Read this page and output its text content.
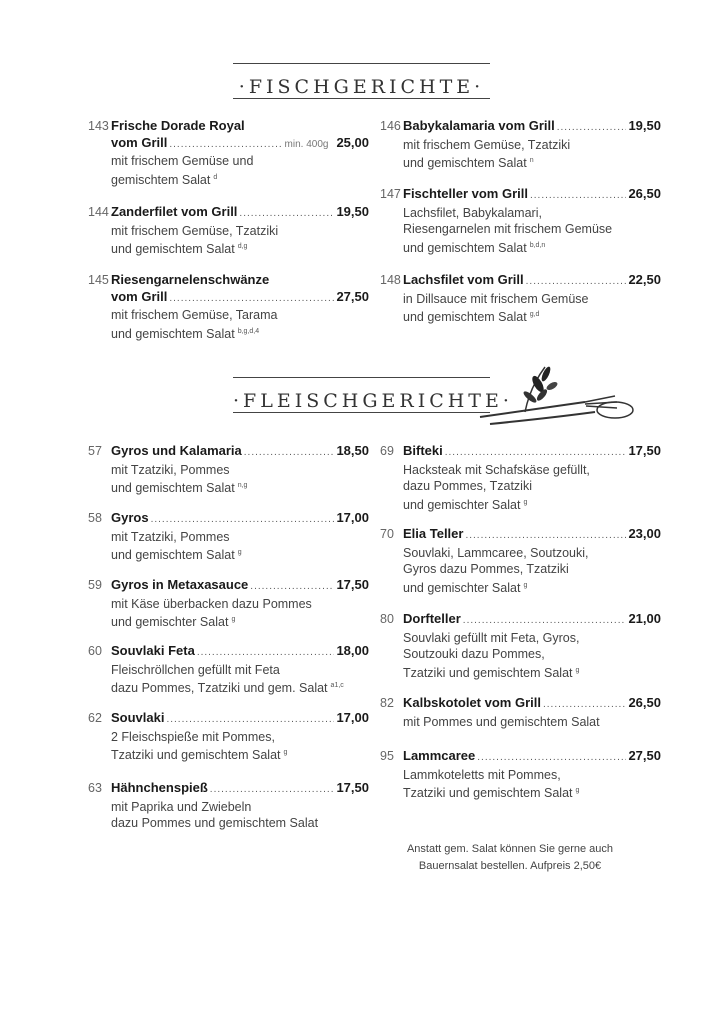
·FISCHGERICHTE·
·FLEISCHGERICHTE·
143 Frische Dorade Royal
vom Grill .....	min. 400g 25,00
mit frischem Gemüse und
gemischtem Salat $^d$
144 Zanderfilet vom Grill .....	19,50
mit frischem Gemüse, Tzatziki
und gemischtem Salat $^{d,g}$
145 Riesengarnelenschwänze
vom Grill .....	27,50
mit frischem Gemüse, Tarama
und gemischtem Salat $^{b,g,d,4}$
146 Babykalamaria vom Grill .....	19,50
mit frischem Gemüse, Tzatziki
und gemischtem Salat $^n$
147 Fischteller vom Grill .....	26,50
Lachsfilet, Babykalamari,
Riesengarnelen mit frischem Gemüse
und gemischtem Salat $^{b,d,n}$
148 Lachsfilet vom Grill .....	22,50
in Dillsauce mit frischem Gemüse
und gemischtem Salat $^{g,d}$
57 Gyros und Kalamaria .....	18,50
mit Tzatziki, Pommes
und gemischtem Salat $^{n,g}$
58 Gyros .....	17,00
mit Tzatziki, Pommes
und gemischtem Salat $^g$
59 Gyros in Metaxasauce .....	17,50
mit Käse überbacken dazu Pommes
und gemischter Salat $^g$
60 Souvlaki Feta .....	18,00
Fleischröllchen gefüllt mit Feta
dazu Pommes, Tzatziki und gem. Salat $^{a1,c}$
62 Souvlaki .....	17,00
2 Fleischspieße mit Pommes,
Tzatziki und gemischtem Salat $^g$
63 Hähnchenspieß .....	17,50
mit Paprika und Zwiebeln
dazu Pommes und gemischtem Salat
69 Bifteki .....	17,50
Hacksteak mit Schafskäse gefüllt,
dazu Pommes, Tzatziki
und gemischter Salat $^g$
70 Elia Teller .....	23,00
Souvlaki, Lammcaree, Soutzouki,
Gyros dazu Pommes, Tzatziki
und gemischter Salat $^g$
80 Dorfteller .....	21,00
Souvlaki gefüllt mit Feta, Gyros,
Soutzouki dazu Pommes,
Tzatziki und gemischtem Salat $^g$
82 Kalbskotolet vom Grill .....	26,50
mit Pommes und gemischtem Salat
95 Lammcaree .....	27,50
Lammkoteletts mit Pommes,
Tzatziki und gemischtem Salat $^g$
Anstatt gem. Salat können Sie gerne auch
Bauernsalat bestellen. Aufpreis 2,50€
